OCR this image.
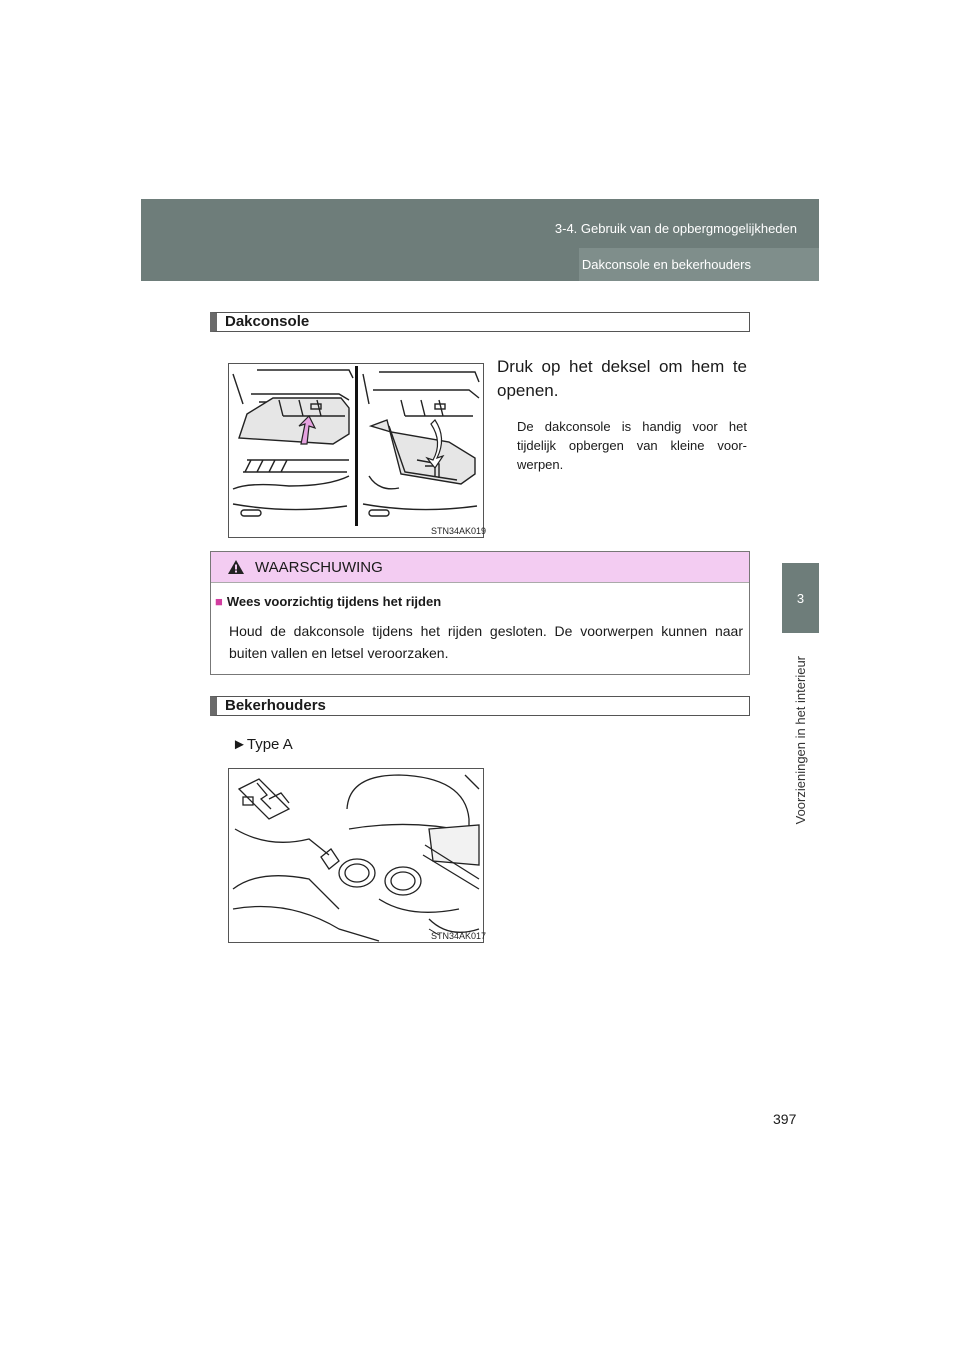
3-4. Gebruik van de opbergmogelijkheden
Dakconsole en bekerhouders
3
Voorzieningen in het interieur
Dakconsole
STN34AK019
Druk op het deksel om hem te openen.
De dakconsole is handig voor het tijdelijk opbergen van kleine voor-werpen.
WAARSCHUWING
■ Wees voorzichtig tijdens het rijden
Houd de dakconsole tijdens het rijden gesloten. De voorwerpen kunnen naar buiten vallen en letsel veroorzaken.
Bekerhouders
►Type A
STN34AK017
397
